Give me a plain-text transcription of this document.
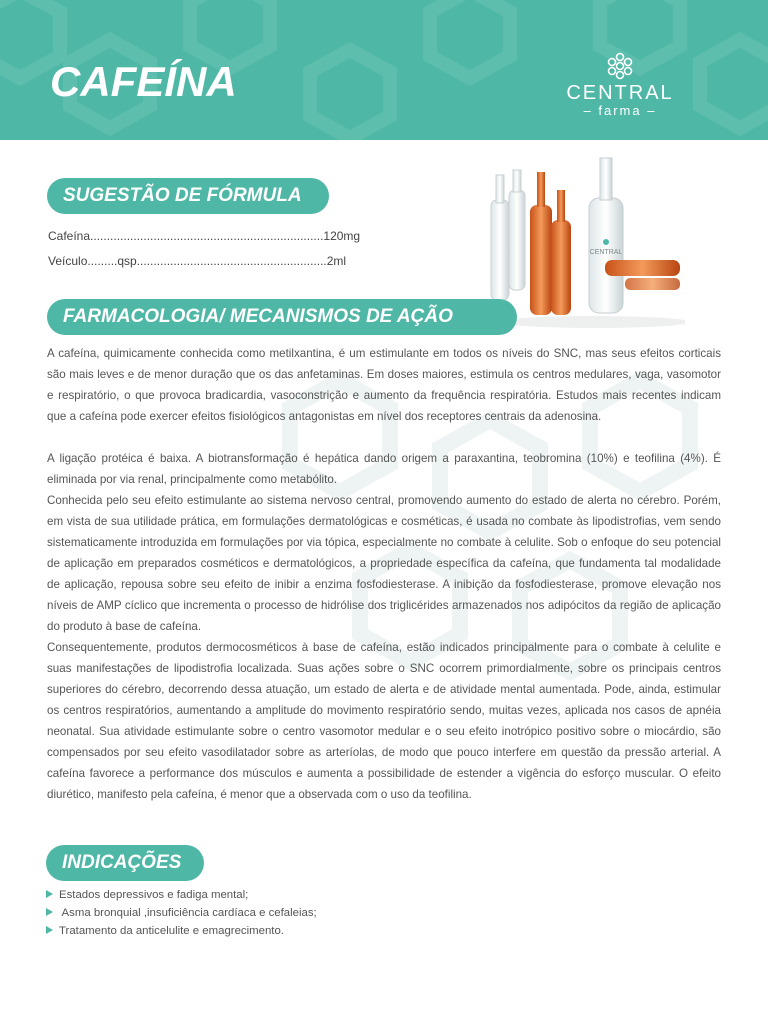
CAFEÍNA	CENTRAL
– farma –
SUGESTÃO DE FÓRMULA
Cafeína......................................................................120mg
Veículo.........qsp.........................................................2ml
CENTRAL
FARMACOLOGIA/ MECANISMOS DE AÇÃO

A cafeína, quimicamente conhecida como metilxantina, é um estimulante em todos os níveis do SNC, mas seus efeitos corticais são mais leves e de menor duração que os das anfetaminas. Em doses maiores, estimula os centros medulares, vaga, vasomotor e respiratório, o que provoca bradicardia, vasoconstrição e aumento da frequência respiratória. Estudos mais recentes indicam que a cafeína pode exercer efeitos fisiológicos antagonistas em nível dos receptores centrais da adenosina.

A ligação protéica é baixa. A biotransformação é hepática dando origem a paraxantina, teobromina (10%) e teofilina (4%). É eliminada por via renal, principalmente como metabólito.

Conhecida pelo seu efeito estimulante ao sistema nervoso central, promovendo aumento do estado de alerta no cérebro. Porém, em vista de sua utilidade prática, em formulações dermatológicas e cosméticas, é usada no combate às lipodistrofias, vem sendo sistematicamente introduzida em formulações por via tópica, especialmente no combate à celulite. Sob o enfoque do seu potencial de aplicação em preparados cosméticos e dermatológicos, a propriedade específica da cafeína, que fundamenta tal modalidade de aplicação, repousa sobre seu efeito de inibir a enzima fosfodiesterase. A inibição da fosfodiesterase, promove elevação nos níveis de AMP cíclico que incrementa o processo de hidrólise dos triglicérides armazenados nos adipócitos da região de aplicação do produto à base de cafeína.

Consequentemente, produtos dermocosméticos à base de cafeína, estão indicados principalmente para o combate à celulite e suas manifestações de lipodistrofia localizada. Suas ações sobre o SNC ocorrem primordialmente, sobre os principais centros superiores do cérebro, decorrendo dessa atuação, um estado de alerta e de atividade mental aumentada. Pode, ainda, estimular os centros respiratórios, aumentando a amplitude do movimento respiratório sendo, muitas vezes, aplicada nos casos de apnéia neonatal. Sua atividade estimulante sobre o centro vasomotor medular e o seu efeito inotrópico positivo sobre o miocárdio, são compensados por seu efeito vasodilatador sobre as arteríolas, de modo que pouco interfere em questão da pressão arterial. A cafeína favorece a performance dos músculos e aumenta a possibilidade de estender a vigência do esforço muscular. O efeito diurético, manifesto pela cafeína, é menor que a observada com o uso da teofilina.

INDICAÇÕES
Estados depressivos e fadiga mental;
Asma bronquial ,insuficiência cardíaca e cefaleias;
Tratamento da anticelulite e emagrecimento.
